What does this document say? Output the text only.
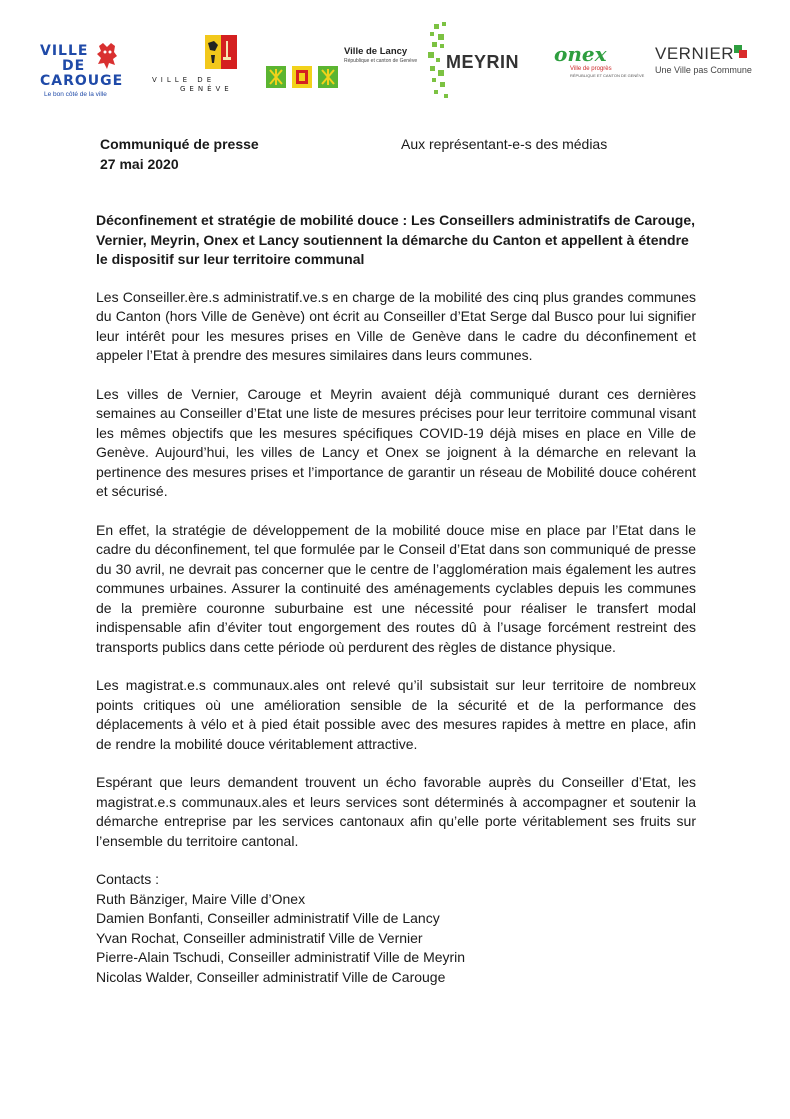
VILLE
DE
CAROUGE
Le bon côté de la ville
VILLE DE
GENÈVE
Ville de Lancy
République et canton de Genève MEYRIN onex
Ville de progrès
RÉPUBLIQUE ET CANTON DE GENÈVE
VERNIER
Une Ville pas Commune
Communiqué de presse
27 mai 2020
Aux représentant-e-s des médias

Déconfinement et stratégie de mobilité douce : Les Conseillers administratifs de Carouge, Vernier, Meyrin, Onex et Lancy soutiennent la démarche du Canton et appellent à étendre le dispositif sur leur territoire communal

Les Conseiller.ère.s administratif.ve.s en charge de la mobilité des cinq plus grandes communes du Canton (hors Ville de Genève) ont écrit au Conseiller d’Etat Serge dal Busco pour lui signifier leur intérêt pour les mesures prises en Ville de Genève dans le cadre du déconfinement et appeler l’Etat à prendre des mesures similaires dans leurs communes.

Les villes de Vernier, Carouge et Meyrin avaient déjà communiqué durant ces dernières semaines au Conseiller d’Etat une liste de mesures précises pour leur territoire communal visant les mêmes objectifs que les mesures spécifiques COVID-19 déjà mises en place en Ville de Genève. Aujourd’hui, les villes de Lancy et Onex se joignent à la démarche en relevant la pertinence des mesures prises et l’importance de garantir un réseau de Mobilité douce cohérent et sécurisé.

En effet, la stratégie de développement de la mobilité douce mise en place par l’Etat dans le cadre du déconfinement, tel que formulée par le Conseil d’Etat dans son communiqué de presse du 30 avril, ne devrait pas concerner que le centre de l’agglomération mais également les autres communes urbaines. Assurer la continuité des aménagements cyclables depuis les communes de la première couronne suburbaine est une nécessité pour réaliser le transfert modal indispensable afin d’éviter tout engorgement des routes dû à l’usage forcément restreint des transports publics dans cette période où perdurent des règles de distance physique.

Les magistrat.e.s communaux.ales ont relevé qu’il subsistait sur leur territoire de nombreux points critiques où une amélioration sensible de la sécurité et de la performance des déplacements à vélo et à pied était possible avec des mesures rapides à mettre en place, afin de rendre la mobilité douce véritablement attractive.

Espérant que leurs demandent trouvent un écho favorable auprès du Conseiller d’Etat, les magistrat.e.s communaux.ales et leurs services sont déterminés à accompagner et soutenir la démarche entreprise par les services cantonaux afin qu’elle porte véritablement ses fruits sur l’ensemble du territoire cantonal.

Contacts :
Ruth Bänziger, Maire Ville d’Onex
Damien Bonfanti, Conseiller administratif Ville de Lancy
Yvan Rochat, Conseiller administratif Ville de Vernier
Pierre-Alain Tschudi, Conseiller administratif Ville de Meyrin
Nicolas Walder, Conseiller administratif Ville de Carouge
